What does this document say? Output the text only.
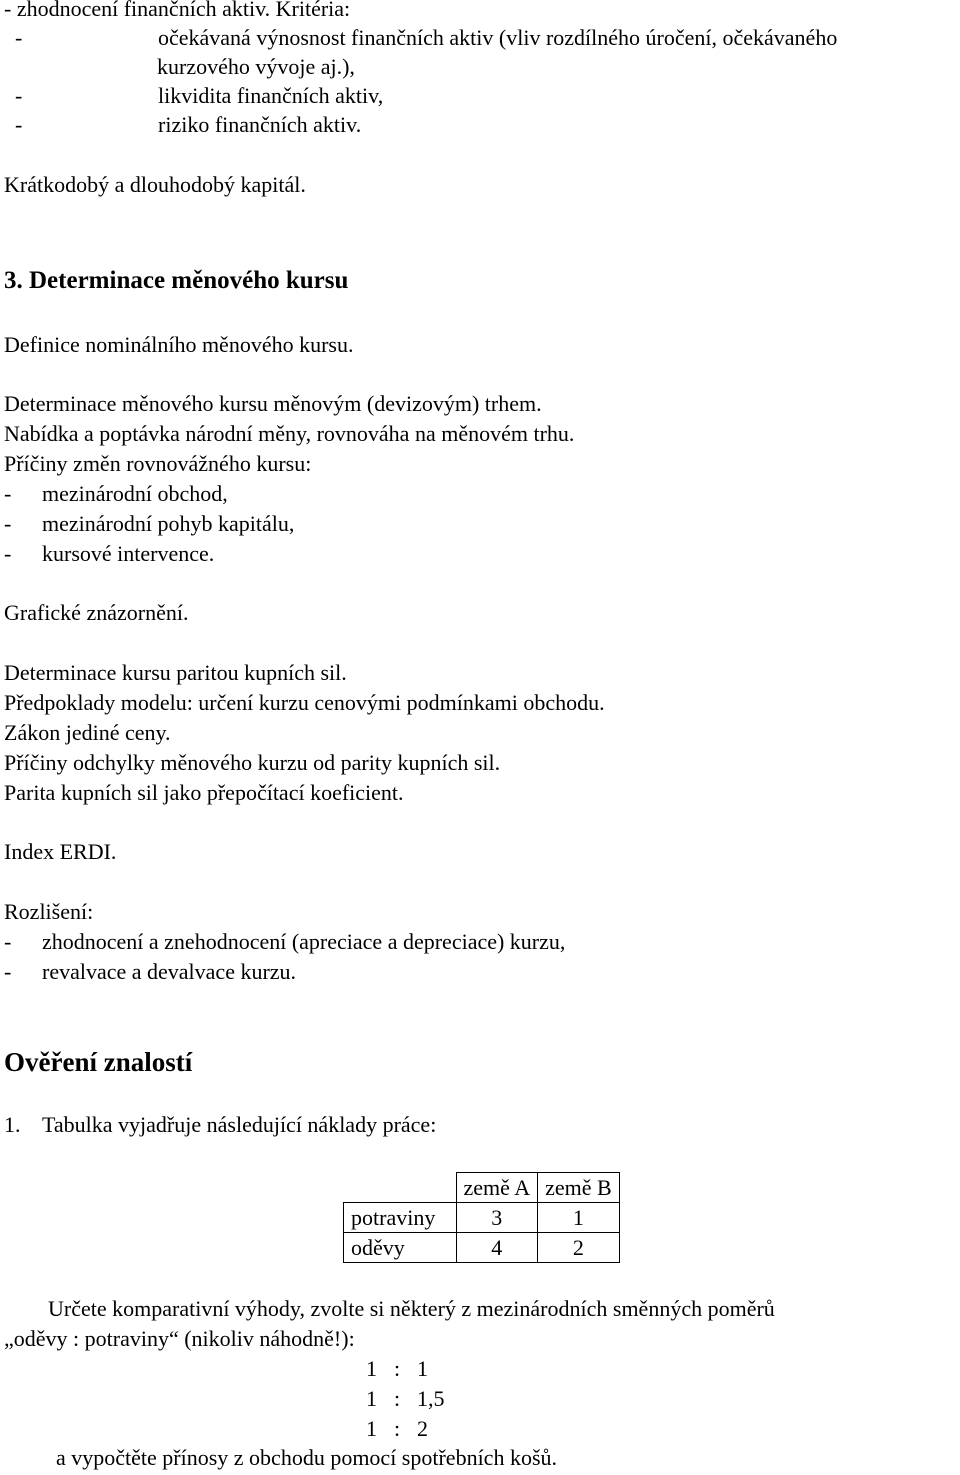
- zhodnocení finančních aktiv. Kritéria:
-	očekávaná výnosnost finančních aktiv (vliv rozdílného úročení, očekávaného
kurzového vývoje aj.),
-	likvidita finančních aktiv,
-	riziko finančních aktiv.
Krátkodobý a dlouhodobý kapitál.
3. Determinace měnového kursu
Definice nominálního měnového kursu.
Determinace měnového kursu měnovým (devizovým) trhem.
Nabídka a poptávka národní měny, rovnováha na měnovém trhu.
Příčiny změn rovnovážného kursu:
- mezinárodní obchod,
- mezinárodní pohyb kapitálu,
- kursové intervence.
Grafické znázornění.
Determinace kursu paritou kupních sil.
Předpoklady modelu: určení kurzu cenovými podmínkami obchodu.
Zákon jediné ceny.
Příčiny odchylky měnového kurzu od parity kupních sil.
Parita kupních sil jako přepočítací koeficient.
Index ERDI.
Rozlišení:
- zhodnocení a znehodnocení (apreciace a depreciace) kurzu,
- revalvace a devalvace kurzu.
Ověření znalostí
1. Tabulka vyjadřuje následující náklady práce:
	země A	země B
potraviny	3	1
oděvy	4	2
Určete komparativní výhody, zvolte si některý z mezinárodních směnných poměrů
„oděvy : potraviny“ (nikoliv náhodně!):
1 : 1
1 : 1,5
1 : 2
a vypočtěte přínosy z obchodu pomocí spotřebních košů.
